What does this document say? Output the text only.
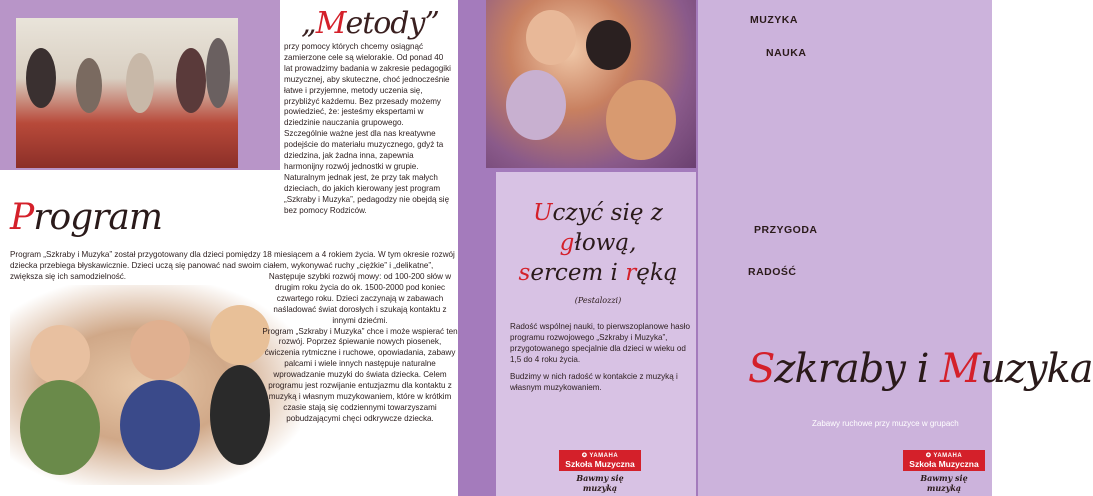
„Metody”

przy pomocy których chcemy osiągnąć zamierzone cele są wielorakie. Od ponad 40 lat prowadzimy badania w zakresie pedagogiki muzycznej, aby skuteczne, choć jednocześnie łatwe i przyjemne, metody uczenia się, przybliżyć każdemu. Bez przesady możemy powiedzieć, że: jesteśmy ekspertami w dziedzinie nauczania grupowego.

Szczególnie ważne jest dla nas kreatywne podejście do materiału muzycznego, gdyż ta dziedzina, jak żadna inna, zapewnia harmonijny rozwój jednostki w grupie. Naturalnym jednak jest, że przy tak małych dzieciach, do jakich kierowany jest program „Szkraby i Muzyka”, pedagodzy nie obejdą się bez pomocy Rodziców.

Program
Program „Szkraby i Muzyka” został przygotowany dla dzieci pomiędzy 18 miesiącem a 4 rokiem życia. W tym okresie rozwój dziecka przebiega błyskawicznie. Dzieci uczą się panować nad swoim ciałem, wykonywać ruchy „ciężkie” i „delikatne”, zwiększa się ich samodzielność.	Następuje szybki rozwój mowy: od 100-200 słów w drugim roku życia do ok. 1500-2000 pod koniec czwartego roku. Dzieci zaczynają w zabawach naśladować świat dorosłych i szukają kontaktu z innymi dziećmi.

Program „Szkraby i Muzyka” chce i może wspierać ten rozwój. Poprzez śpiewanie nowych piosenek, ćwiczenia rytmiczne i ruchowe, opowiadania, zabawy palcami i wiele innych następuje naturalne wprowadzanie muzyki do świata dziecka. Celem programu jest rozwijanie entuzjazmu dla kontaktu z muzyką i własnym muzykowaniem, które w krótkim czasie stają się codziennymi towarzyszami pobudzającymi chęci odkrywcze dziecka.

Uczyć się z głową,
sercem i ręką
(Pestalozzi)

Radość wspólnej nauki, to pierwszoplanowe hasło programu rozwojowego „Szkraby i Muzyka”, przygotowanego specjalnie dla dzieci w wieku od 1,5 do 4 roku życia.

Budzimy w nich radość w kontakcie z muzyką i własnym muzykowaniem.

MUZYKA
NAUKA
PRZYGODA
RADOŚĆ
Szkraby i Muzyka
Zabawy ruchowe przy muzyce w grupach
✪ YAMAHA
Szkoła Muzyczna
Bawmy się muzyką
✪ YAMAHA
Szkoła Muzyczna
Bawmy się muzyką
